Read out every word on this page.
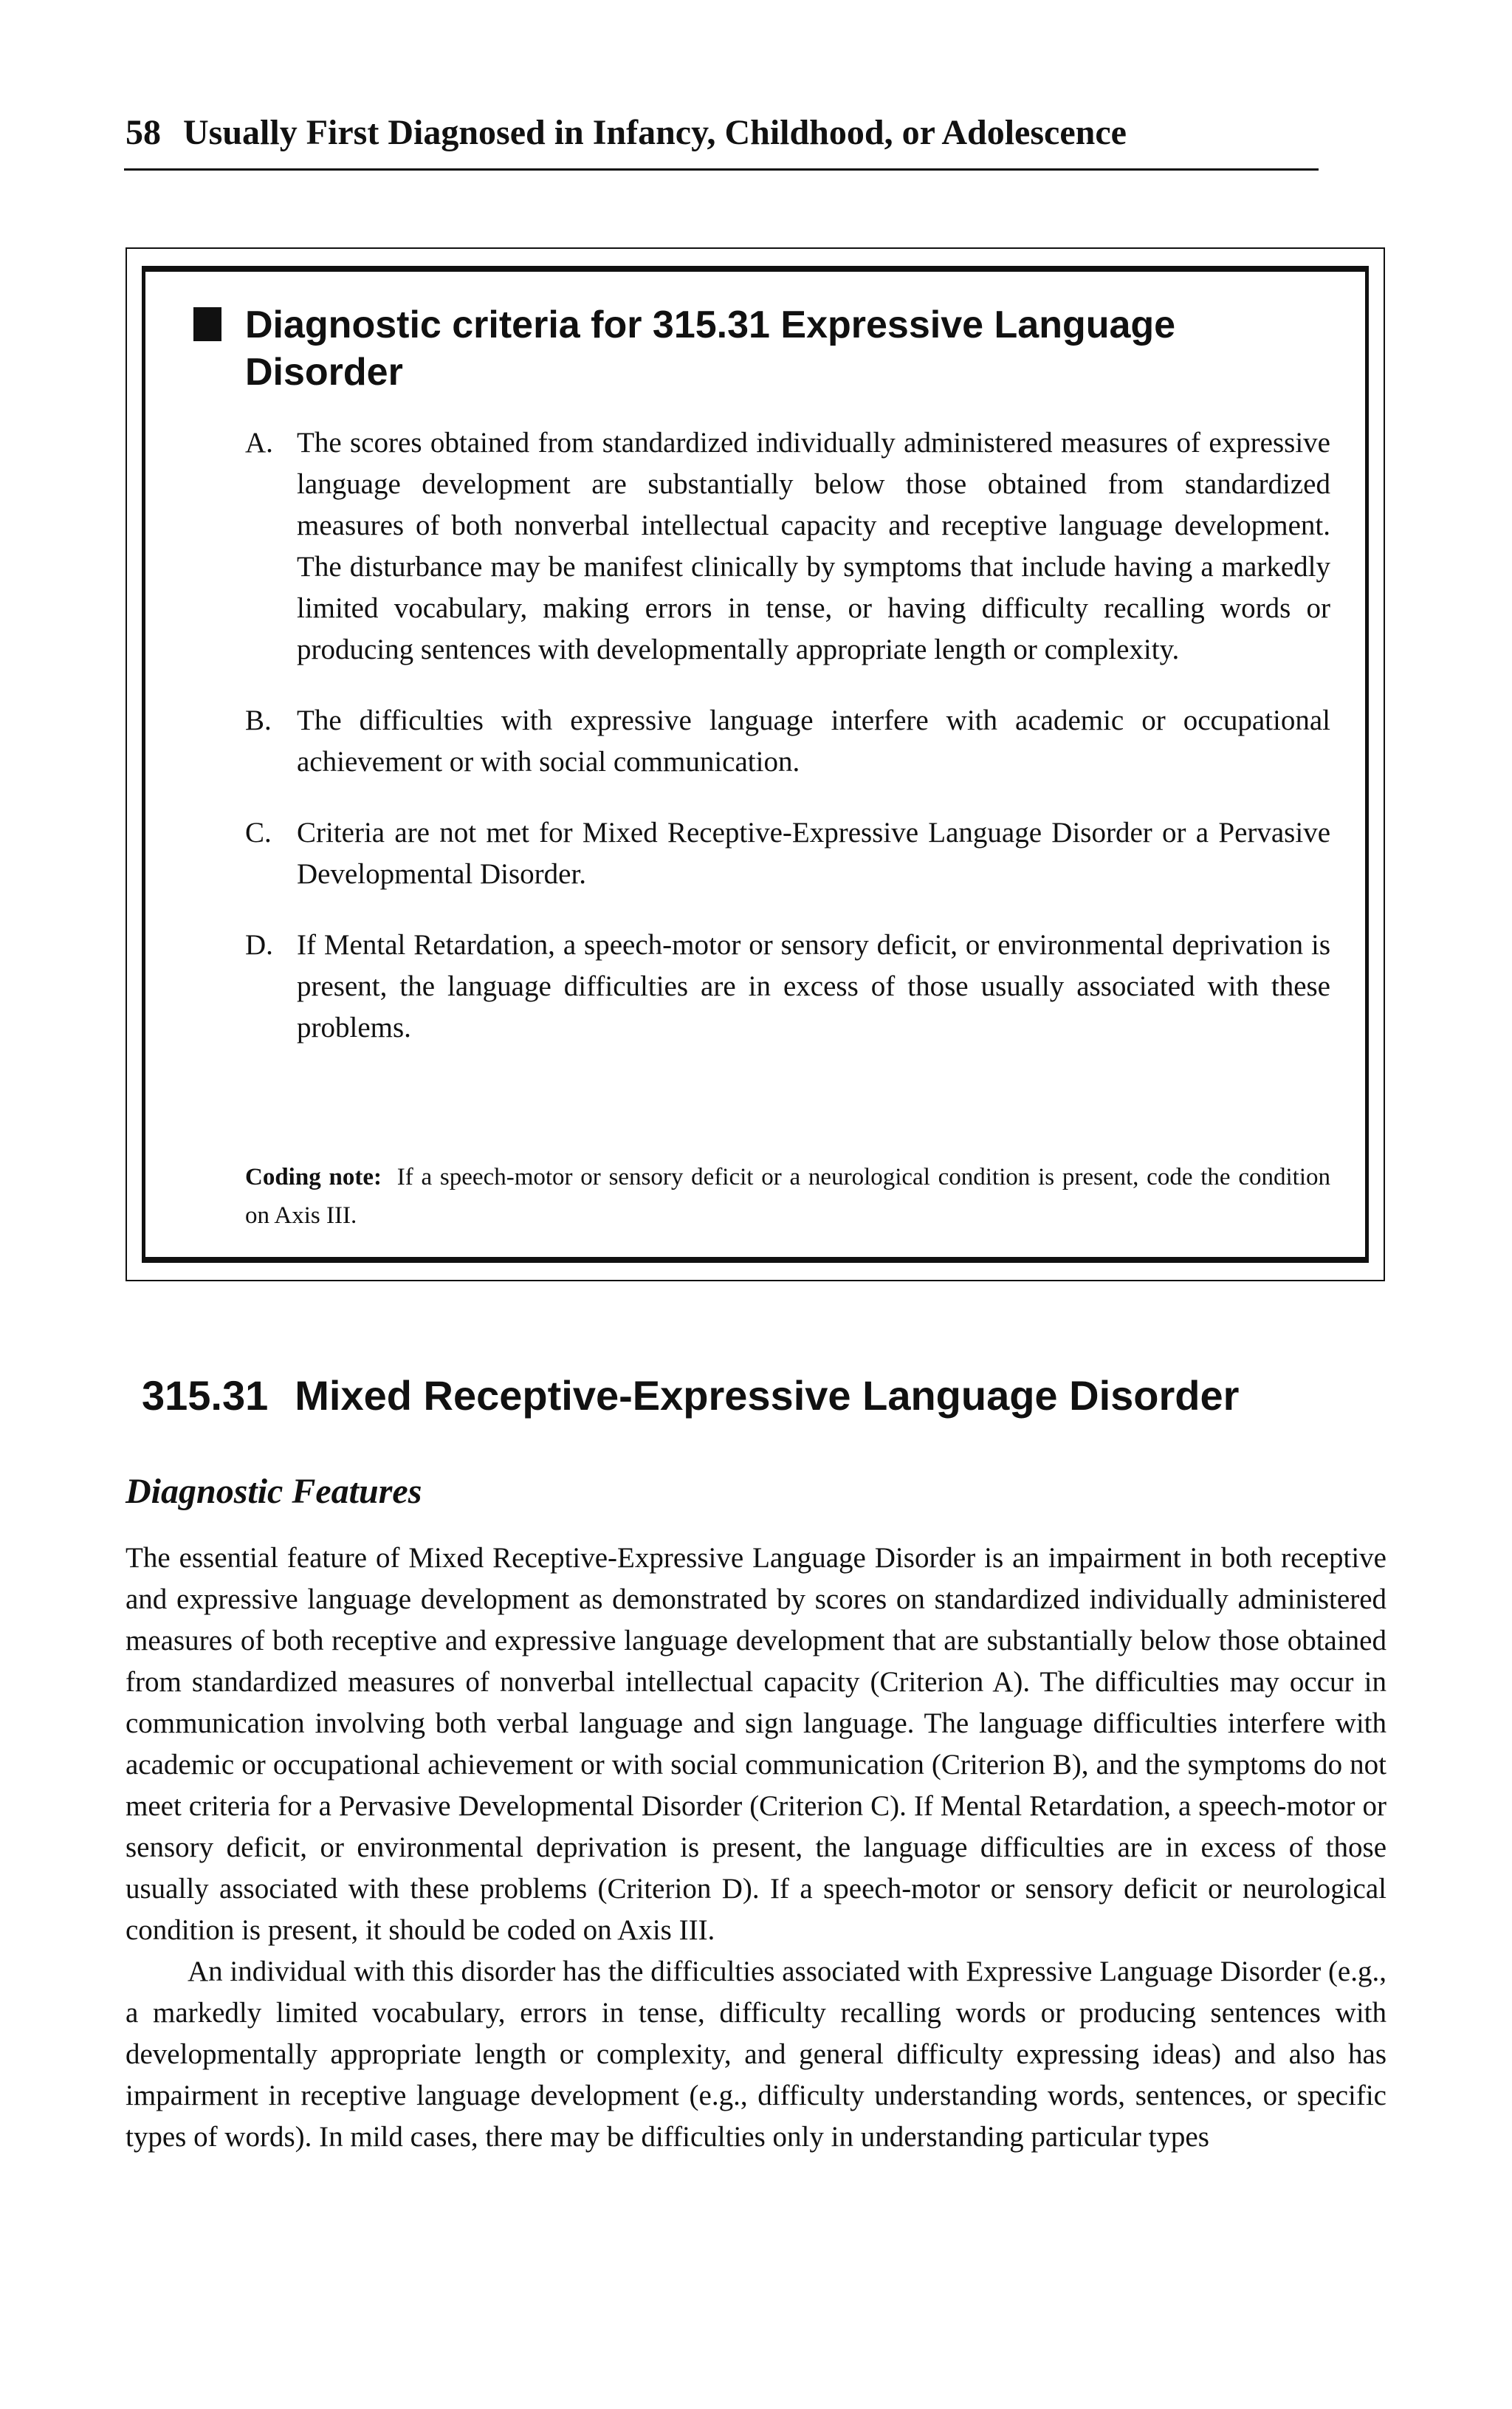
58 Usually First Diagnosed in Infancy, Childhood, or Adolescence
Diagnostic criteria for 315.31 Expressive Language Disorder
A. The scores obtained from standardized individually administered measures of expressive language development are substantially below those obtained from standardized measures of both nonverbal intellectual capacity and receptive language development. The disturbance may be manifest clinically by symptoms that include having a markedly limited vocabulary, making errors in tense, or having difficulty recalling words or producing sentences with developmentally appropriate length or complexity.
B. The difficulties with expressive language interfere with academic or occupational achievement or with social communication.
C. Criteria are not met for Mixed Receptive-Expressive Language Disorder or a Pervasive Developmental Disorder.
D. If Mental Retardation, a speech-motor or sensory deficit, or environmental deprivation is present, the language difficulties are in excess of those usually associated with these problems.
Coding note: If a speech-motor or sensory deficit or a neurological condition is present, code the condition on Axis III.
315.31 Mixed Receptive-Expressive Language Disorder
Diagnostic Features

The essential feature of Mixed Receptive-Expressive Language Disorder is an impairment in both receptive and expressive language development as demonstrated by scores on standardized individually administered measures of both receptive and expressive language development that are substantially below those obtained from standardized measures of nonverbal intellectual capacity (Criterion A). The difficulties may occur in communication involving both verbal language and sign language. The language difficulties interfere with academic or occupational achievement or with social communication (Criterion B), and the symptoms do not meet criteria for a Pervasive Developmental Disorder (Criterion C). If Mental Retardation, a speech-motor or sensory deficit, or environmental deprivation is present, the language difficulties are in excess of those usually associated with these problems (Criterion D). If a speech-motor or sensory deficit or neurological condition is present, it should be coded on Axis III.

An individual with this disorder has the difficulties associated with Expressive Language Disorder (e.g., a markedly limited vocabulary, errors in tense, difficulty recalling words or producing sentences with developmentally appropriate length or complexity, and general difficulty expressing ideas) and also has impairment in receptive language development (e.g., difficulty understanding words, sentences, or specific types of words). In mild cases, there may be difficulties only in understanding particular types
